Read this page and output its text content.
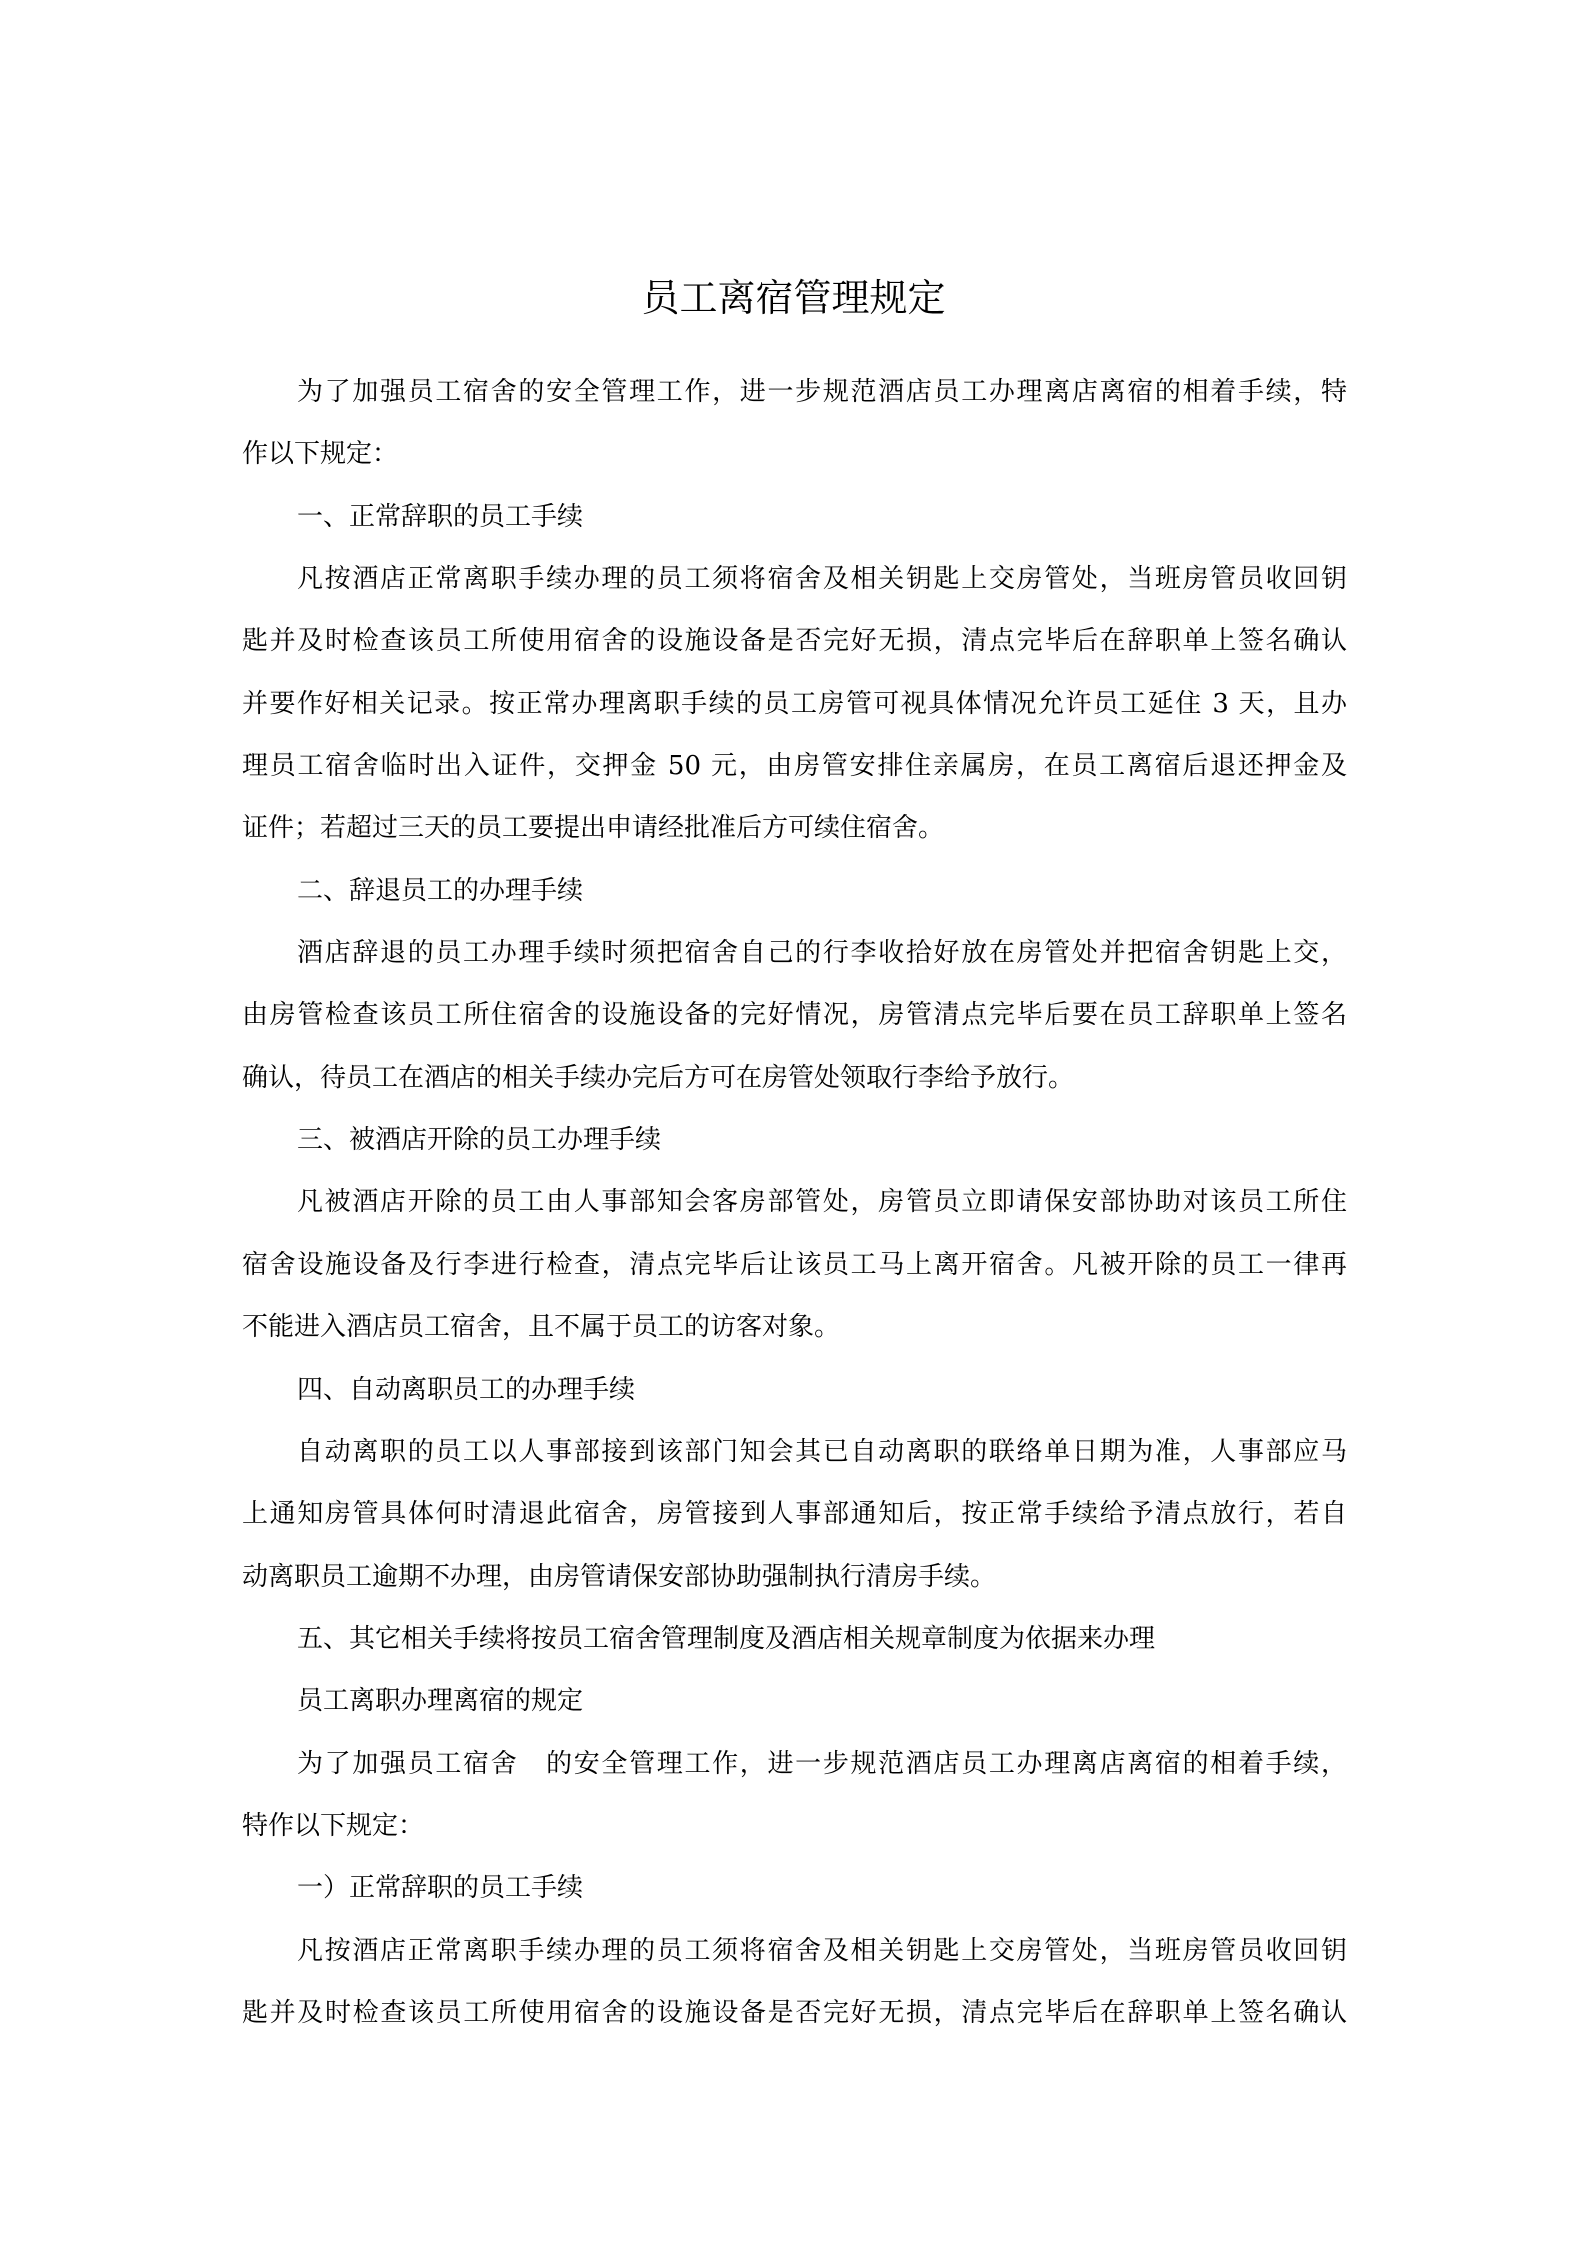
员工离宿管理规定
为了加强员工宿舍的安全管理工作，进一步规范酒店员工办理离店离宿的相着手续，特
作以下规定：
一、正常辞职的员工手续
凡按酒店正常离职手续办理的员工须将宿舍及相关钥匙上交房管处，当班房管员收回钥
匙并及时检查该员工所使用宿舍的设施设备是否完好无损，清点完毕后在辞职单上签名确认
并要作好相关记录。按正常办理离职手续的员工房管可视具体情况允许员工延住 3 天，且办
理员工宿舍临时出入证件，交押金 50 元，由房管安排住亲属房，在员工离宿后退还押金及
证件；若超过三天的员工要提出申请经批准后方可续住宿舍。
二、辞退员工的办理手续
酒店辞退的员工办理手续时须把宿舍自己的行李收拾好放在房管处并把宿舍钥匙上交，
由房管检查该员工所住宿舍的设施设备的完好情况，房管清点完毕后要在员工辞职单上签名
确认，待员工在酒店的相关手续办完后方可在房管处领取行李给予放行。
三、被酒店开除的员工办理手续
凡被酒店开除的员工由人事部知会客房部管处，房管员立即请保安部协助对该员工所住
宿舍设施设备及行李进行检查，清点完毕后让该员工马上离开宿舍。凡被开除的员工一律再
不能进入酒店员工宿舍，且不属于员工的访客对象。
四、自动离职员工的办理手续
自动离职的员工以人事部接到该部门知会其已自动离职的联络单日期为准，人事部应马
上通知房管具体何时清退此宿舍，房管接到人事部通知后，按正常手续给予清点放行，若自
动离职员工逾期不办理，由房管请保安部协助强制执行清房手续。
五、其它相关手续将按员工宿舍管理制度及酒店相关规章制度为依据来办理
员工离职办理离宿的规定
为了加强员工宿舍　的安全管理工作，进一步规范酒店员工办理离店离宿的相着手续，
特作以下规定：
一）正常辞职的员工手续
凡按酒店正常离职手续办理的员工须将宿舍及相关钥匙上交房管处，当班房管员收回钥
匙并及时检查该员工所使用宿舍的设施设备是否完好无损，清点完毕后在辞职单上签名确认
